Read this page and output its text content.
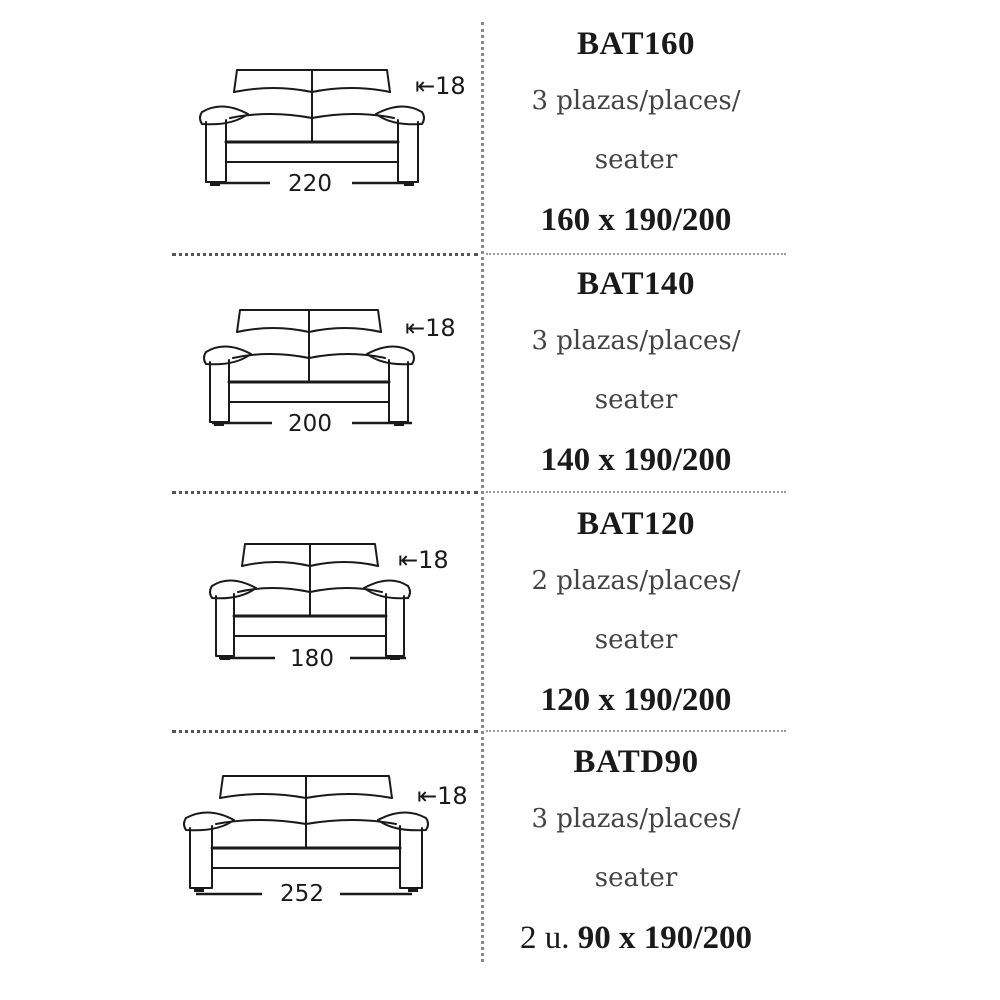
⇤18
220
BAT160
3 plazas/places/
seater
160 x 190/200
⇤18
200
BAT140
3 plazas/places/
seater
140 x 190/200
⇤18
180
BAT120
2 plazas/places/
seater
120 x 190/200
⇤18
252
BATD90
3 plazas/places/
seater
2 u. 90 x 190/200
